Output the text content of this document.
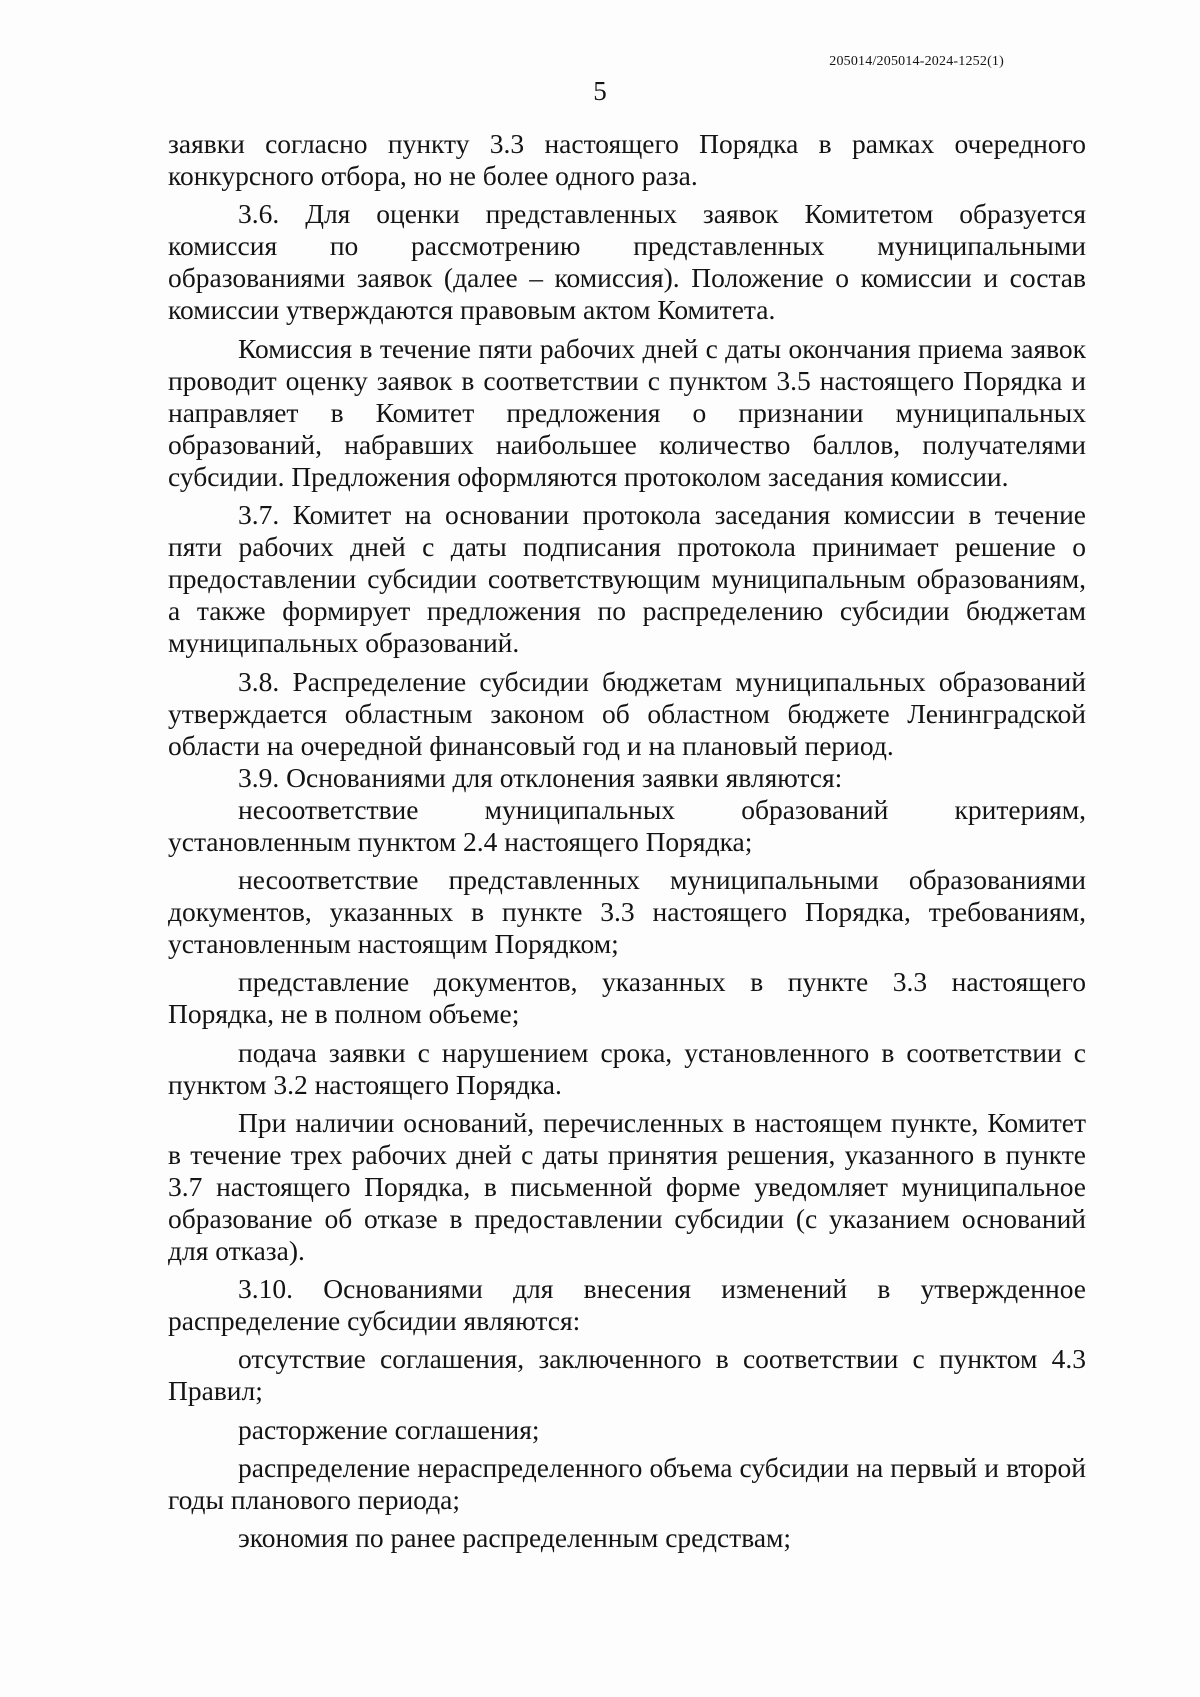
205014/205014-2024-1252(1)
5

заявки согласно пункту 3.3 настоящего Порядка в рамках очередного конкурсного отбора, но не более одного раза.

3.6. Для оценки представленных заявок Комитетом образуется комиссия по рассмотрению представленных муниципальными образованиями заявок (далее – комиссия). Положение о комиссии и состав комиссии утверждаются правовым актом Комитета.

Комиссия в течение пяти рабочих дней с даты окончания приема заявок проводит оценку заявок в соответствии с пунктом 3.5 настоящего Порядка и направляет в Комитет предложения о признании муниципальных образований, набравших наибольшее количество баллов, получателями субсидии. Предложения оформляются протоколом заседания комиссии.

3.7. Комитет на основании протокола заседания комиссии в течение пяти рабочих дней с даты подписания протокола принимает решение о предоставлении субсидии соответствующим муниципальным образованиям, а также формирует предложения по распределению субсидии бюджетам муниципальных образований.

3.8. Распределение субсидии бюджетам муниципальных образований утверждается областным законом об областном бюджете Ленинградской области на очередной финансовый год и на плановый период.

3.9. Основаниями для отклонения заявки являются:

несоответствие муниципальных образований критериям, установленным пунктом 2.4 настоящего Порядка;

несоответствие представленных муниципальными образованиями документов, указанных в пункте 3.3 настоящего Порядка, требованиям, установленным настоящим Порядком;

представление документов, указанных в пункте 3.3 настоящего Порядка, не в полном объеме;

подача заявки с нарушением срока, установленного в соответствии с пунктом 3.2 настоящего Порядка.

При наличии оснований, перечисленных в настоящем пункте, Комитет в течение трех рабочих дней с даты принятия решения, указанного в пункте 3.7 настоящего Порядка, в письменной форме уведомляет муниципальное образование об отказе в предоставлении субсидии (с указанием оснований для отказа).

3.10. Основаниями для внесения изменений в утвержденное распределение субсидии являются:

отсутствие соглашения, заключенного в соответствии с пунктом 4.3 Правил;

расторжение соглашения;

распределение нераспределенного объема субсидии на первый и второй годы планового периода;

экономия по ранее распределенным средствам;
